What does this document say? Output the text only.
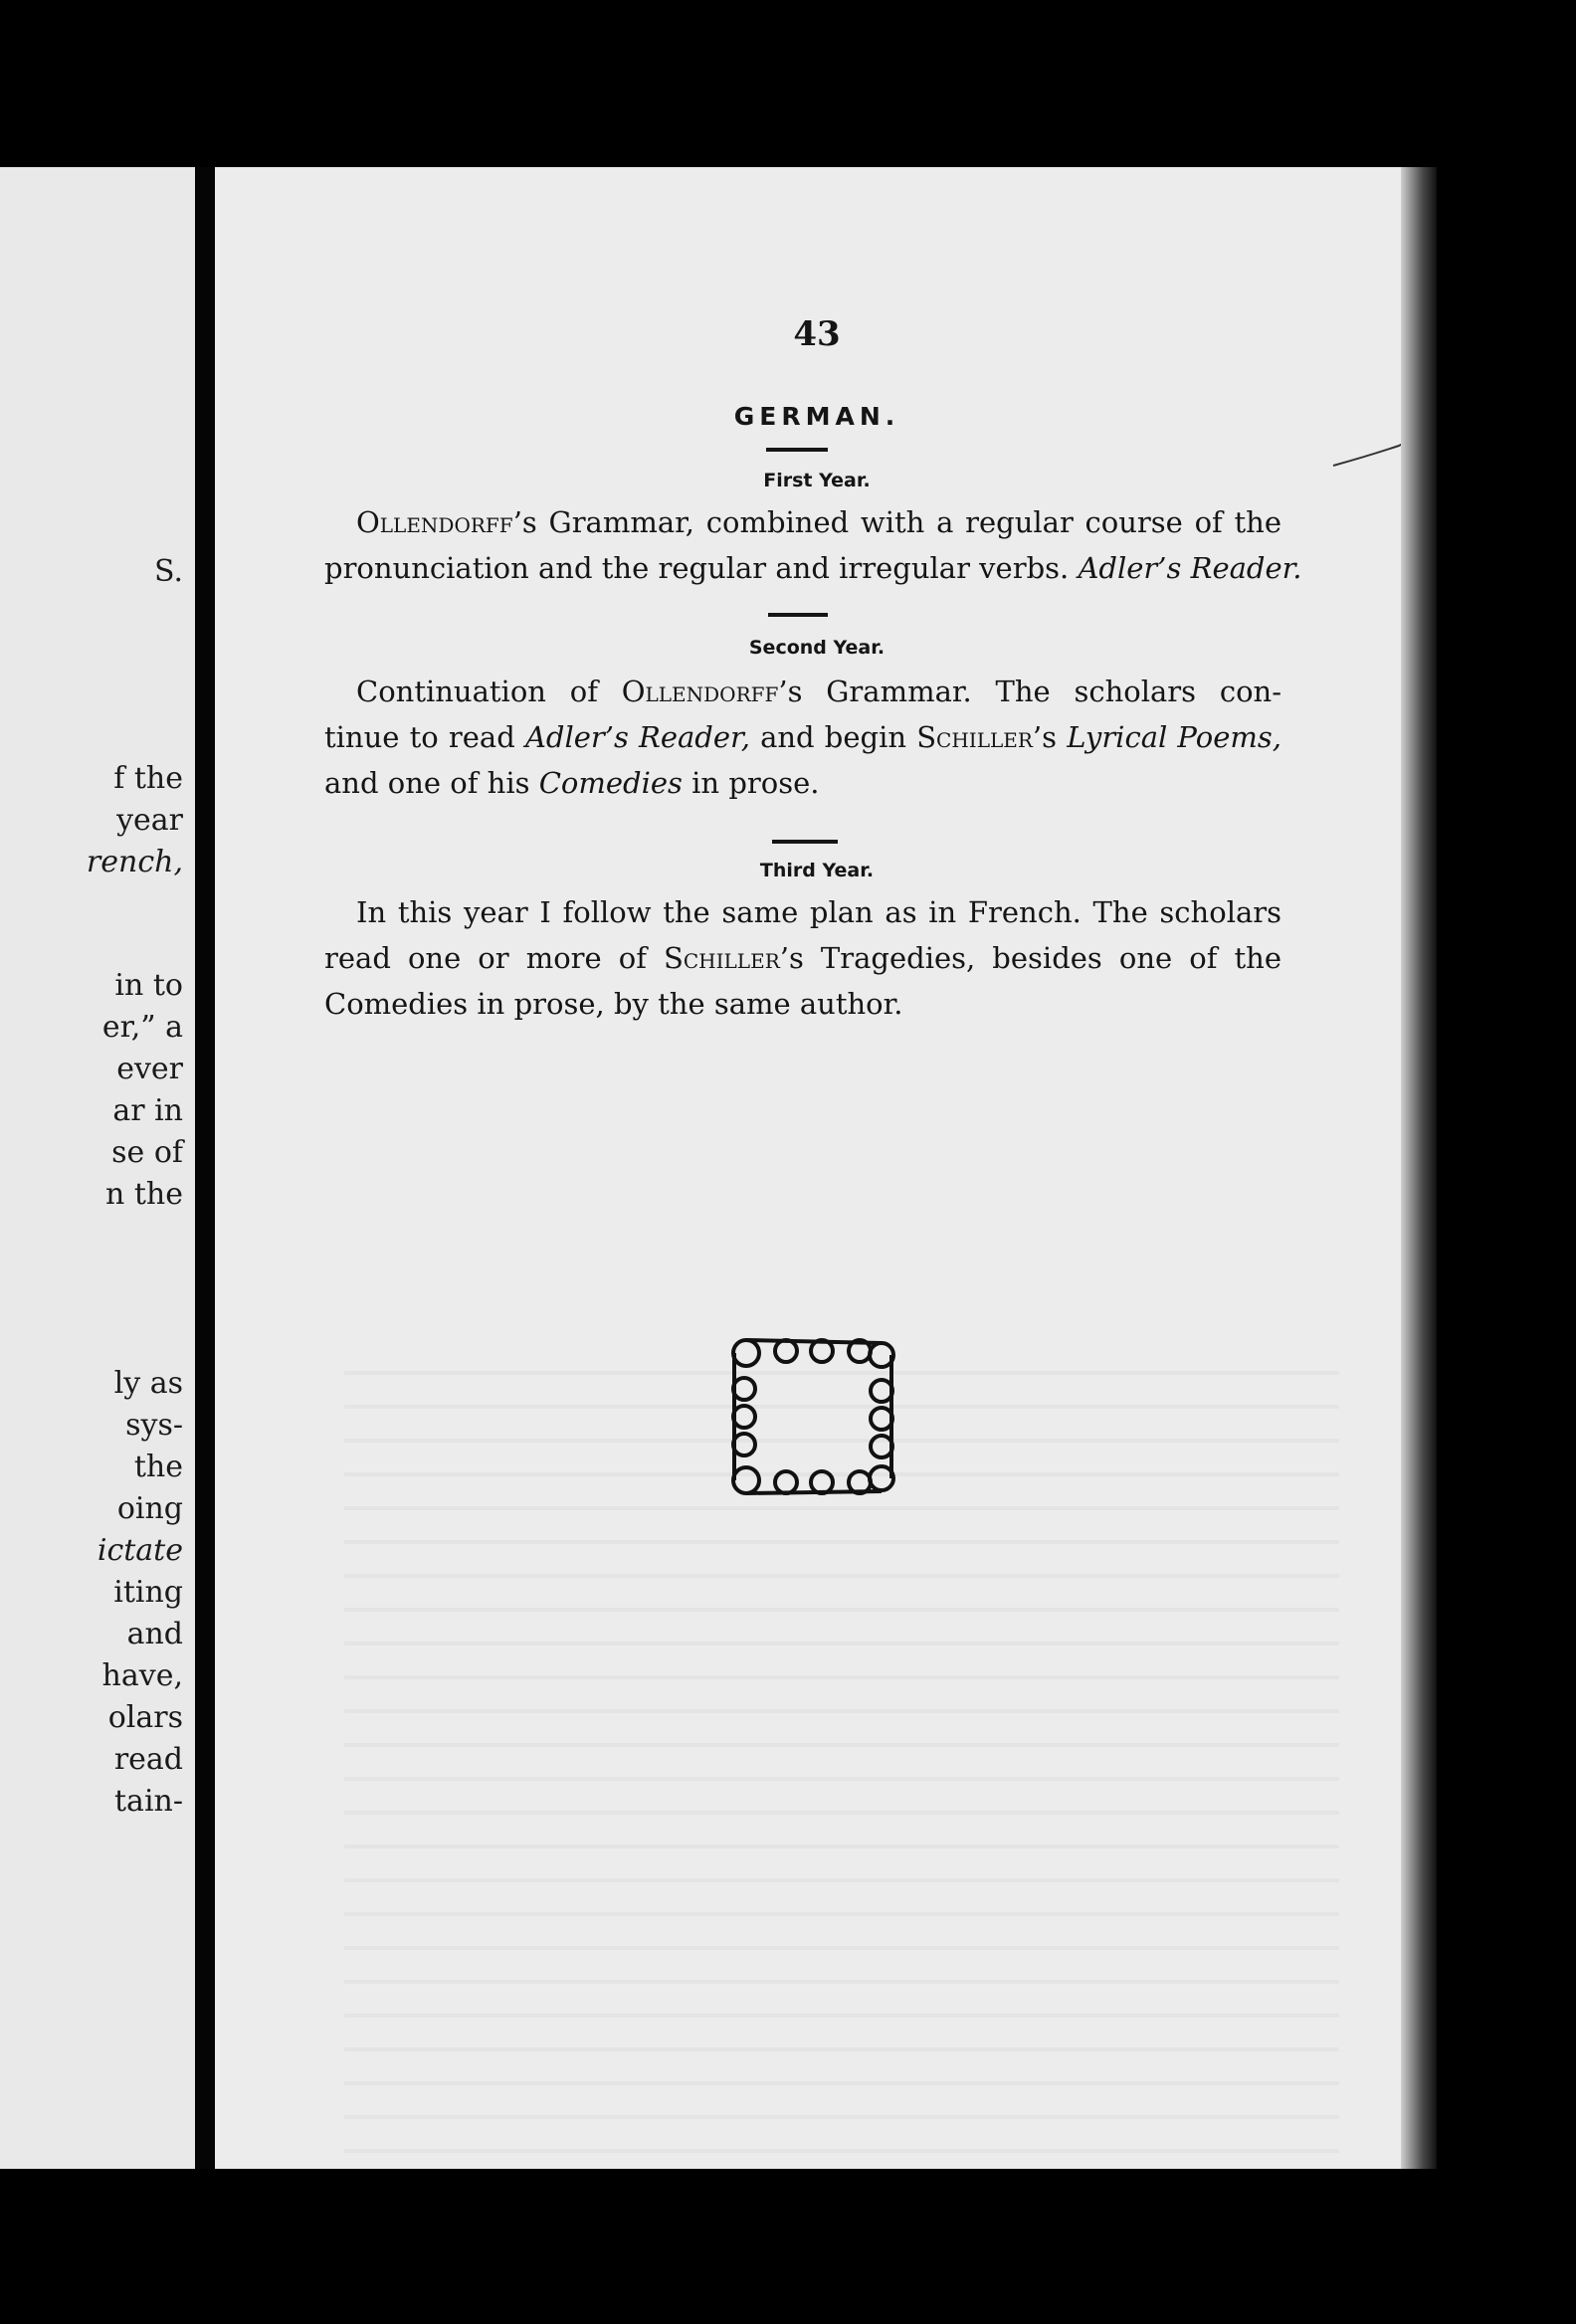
S.
f the
year
rench,
in to
er,” a
ever
ar in
se of
n the
ly as
sys-
the
oing
ictate
iting
and
have,
olars
read
tain-
43
GERMAN.
First Year.
Ollendorff’s Grammar, combined with a regular course of the
pronunciation and the regular and irregular verbs. Adler’s Reader.
Second Year.
Continuation of Ollendorff’s Grammar. The scholars con-
tinue to read Adler’s Reader, and begin Schiller’s Lyrical Poems,
and one of his Comedies in prose.
Third Year.
In this year I follow the same plan as in French. The scholars
read one or more of Schiller’s Tragedies, besides one of the
Comedies in prose, by the same author.
